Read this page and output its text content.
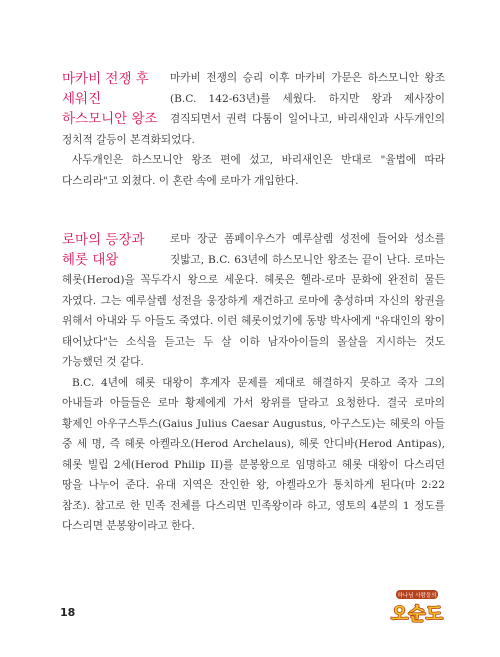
마카비 전쟁 후
세워진
하스모니안 왕조

마카비 전쟁의 승리 이후 마카비 가문은 하스모니안 왕조(B.C. 142-63년)를 세웠다. 하지만 왕과 제사장이 겸직되면서 권력 다툼이 일어나고, 바리새인과 사두개인의 정치적 갈등이 본격화되었다.

사두개인은 하스모니안 왕조 편에 섰고, 바리새인은 반대로 "율법에 따라 다스리라"고 외쳤다. 이 혼란 속에 로마가 개입한다.

로마의 등장과
헤롯 대왕

로마 장군 폼페이우스가 예루살렘 성전에 들어와 성소를 짓밟고, B.C. 63년에 하스모니안 왕조는 끝이 난다. 로마는 헤롯(Herod)을 꼭두각시 왕으로 세운다. 헤롯은 헬라-로마 문화에 완전히 물든 자였다. 그는 예루살렘 성전을 웅장하게 재건하고 로마에 충성하며 자신의 왕권을 위해서 아내와 두 아들도 죽였다. 이런 헤롯이었기에 동방 박사에게 "유대인의 왕이 태어났다"는 소식을 듣고는 두 살 이하 남자아이들의 몰살을 지시하는 것도 가능했던 것 같다.

B.C. 4년에 헤롯 대왕이 후계자 문제를 제대로 해결하지 못하고 죽자 그의 아내들과 아들들은 로마 황제에게 가서 왕위를 달라고 요청한다. 결국 로마의 황제인 아우구스투스(Gaius Julius Caesar Augustus, 아구스도)는 헤롯의 아들 중 세 명, 즉 헤롯 아켈라오(Herod Archelaus), 헤롯 안디바(Herod Antipas), 헤롯 빌립 2세(Herod Philip II)를 분봉왕으로 임명하고 헤롯 대왕이 다스리던 땅을 나누어 준다. 유대 지역은 잔인한 왕, 아켈라오가 통치하게 된다(마 2:22 참조). 참고로 한 민족 전체를 다스리면 민족왕이라 하고, 영토의 4분의 1 정도를 다스리면 분봉왕이라고 한다.

18
하나님 사람들의
오순도
